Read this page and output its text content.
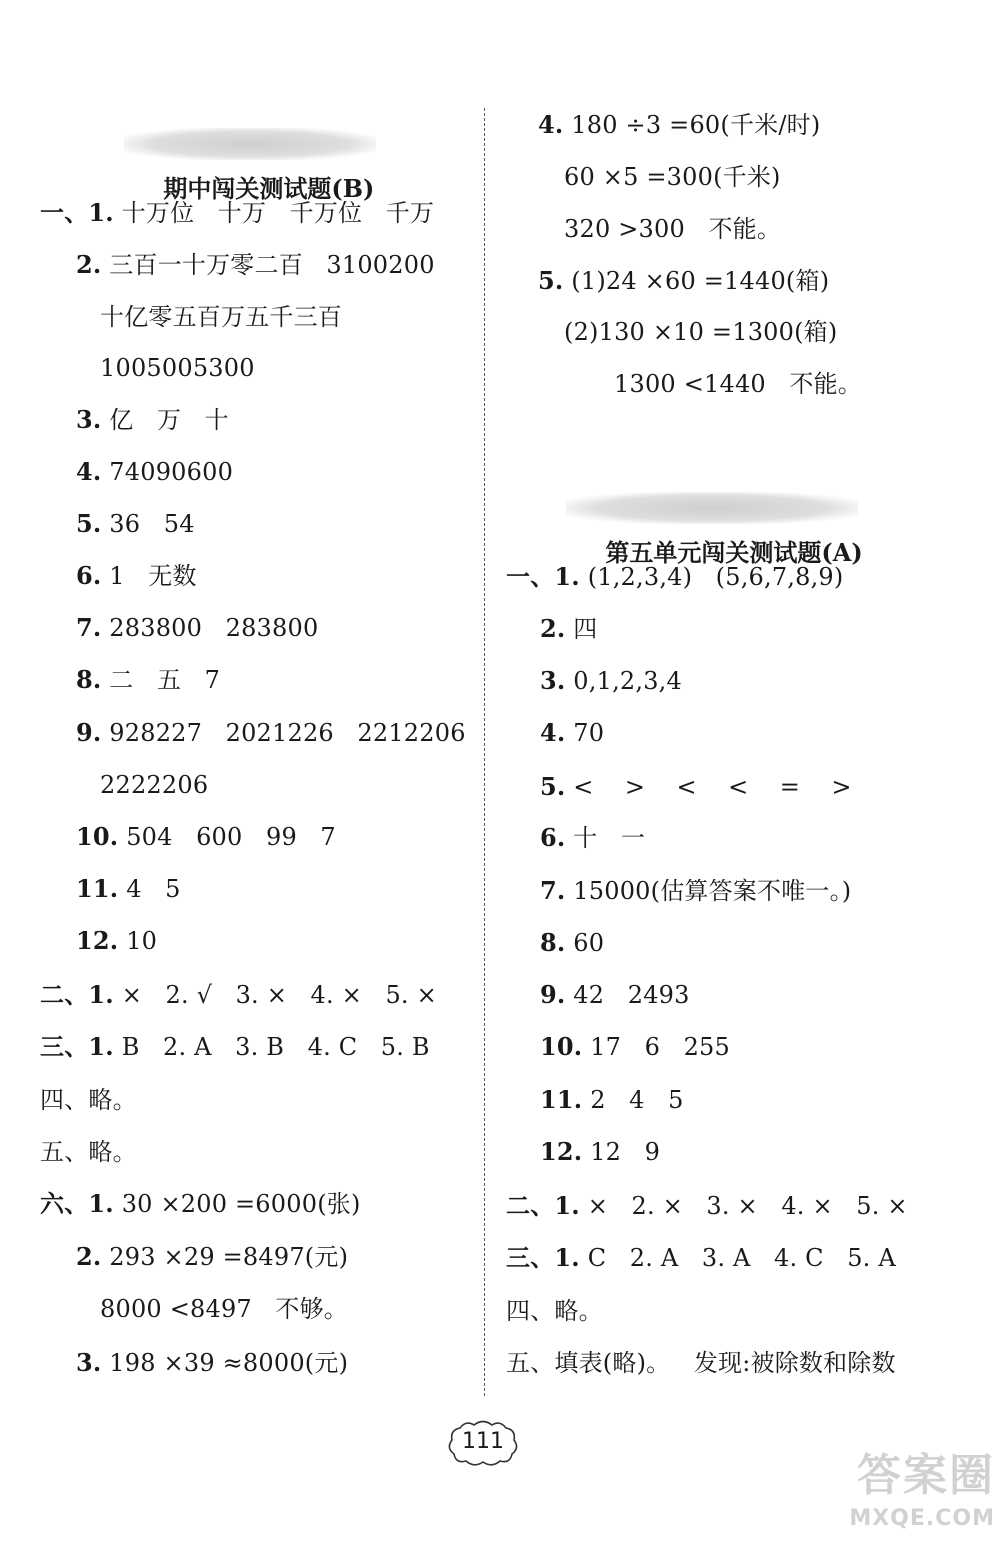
期中闯关测试题(B)

一、1. 十万位   十万   千万位   千万
2. 三百一十万零二百   3100200
十亿零五百万五千三百
1005005300
3. 亿   万   十
4. 74090600
5. 36   54
6. 1   无数
7. 283800   283800
8. 二   五   7
9. 928227   2021226   2212206
2222206
10. 504   600   99   7
11. 4   5
12. 10
二、1. ×   2. √   3. ×   4. ×   5. ×
三、1. B   2. A   3. B   4. C   5. B
四、略。
五、略。
六、1. 30 ×200 =6000(张)
2. 293 ×29 =8497(元)
8000 <8497   不够。
3. 198 ×39 ≈8000(元)
4. 180 ÷3 =60(千米/时)
60 ×5 =300(千米)
320 >300   不能。
5. (1)24 ×60 =1440(箱)
(2)130 ×10 =1300(箱)
1300 <1440   不能。

第五单元闯关测试题(A)

一、1. (1,2,3,4)   (5,6,7,8,9)
2. 四
3. 0,1,2,3,4
4. 70
5. <    >    <    <    =    >
6. 十   一
7. 15000(估算答案不唯一。)
8. 60
9. 42   2493
10. 17   6   255
11. 2   4   5
12. 12   9
二、1. ×   2. ×   3. ×   4. ×   5. ×
三、1. C   2. A   3. A   4. C   5. A
四、略。
五、填表(略)。   发现:被除数和除数
111
答案圈
MXQE.COM
